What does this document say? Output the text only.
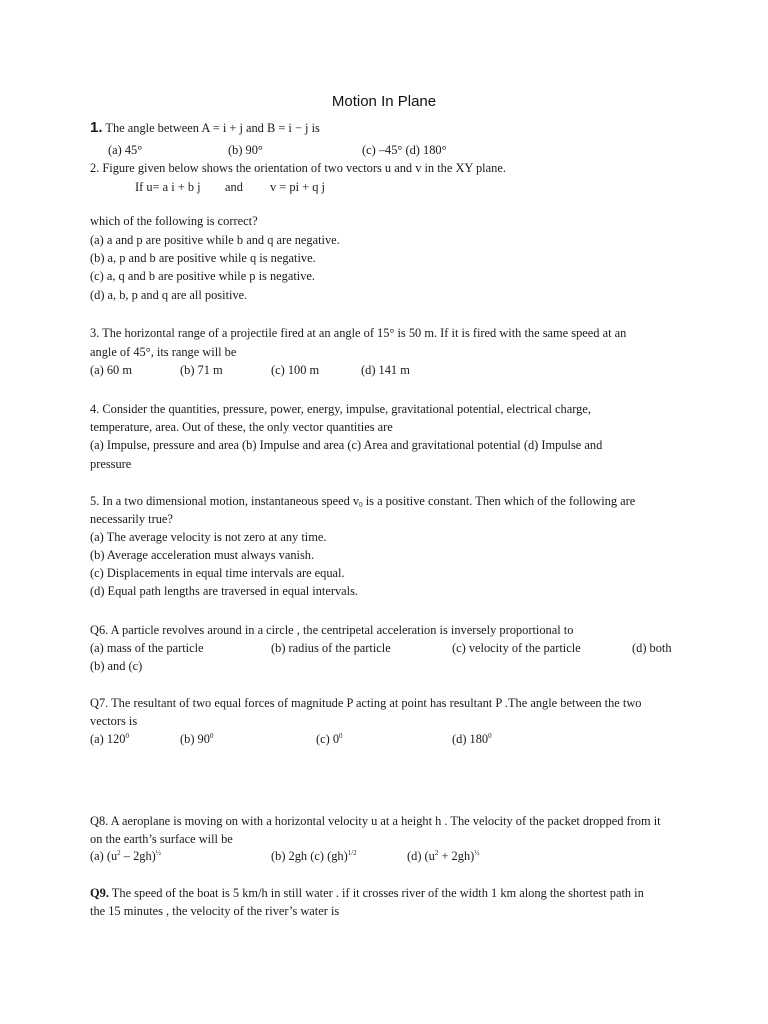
Motion In Plane
1. The angle between A = i + j and B = i − j is
(a) 45°	(b) 90°	(c) –45° (d) 180°
2. Figure given below shows the orientation of two vectors u and v in the XY plane.
If u= a i + b j and v = pi + q j
which of the following is correct?
(a) a and p are positive while b and q are negative.
(b) a, p and b are positive while q is negative.
(c) a, q and b are positive while p is negative.
(d) a, b, p and q are all positive.
3. The horizontal range of a projectile fired at an angle of 15° is 50 m. If it is fired with the same speed at an
angle of 45°, its range will be
(a) 60 m	(b) 71 m	(c) 100 m	(d) 141 m
4. Consider the quantities, pressure, power, energy, impulse, gravitational potential, electrical charge,
temperature, area. Out of these, the only vector quantities are
(a) Impulse, pressure and area (b) Impulse and area (c) Area and gravitational potential (d) Impulse and
pressure
5. In a two dimensional motion, instantaneous speed $v_0$ is a positive constant. Then which of the following are
necessarily true?
(a) The average velocity is not zero at any time.
(b) Average acceleration must always vanish.
(c) Displacements in equal time intervals are equal.
(d) Equal path lengths are traversed in equal intervals.
Q6. A particle revolves around in a circle , the centripetal acceleration is inversely proportional to
(a) mass of the particle	(b) radius of the particle	(c) velocity of the particle	(d) both
(b) and (c)
Q7. The resultant of two equal forces of magnitude P acting at point has resultant P .The angle between the two
vectors is
(a) $120^0$	(b) $90^0$	(c) $0^0$	(d) $180^0$
Q8. A aeroplane is moving on with a horizontal velocity u at a height h . The velocity of the packet dropped from it
on the earth’s surface will be
(a) $(u^2 - 2gh)^{\frac{1}{2}}$	(b) 2gh (c) (gh)$^{1/2}$	(d) $(u^2 + 2gh)^{\frac{1}{2}}$
Q9. The speed of the boat is 5 km/h in still water . if it crosses river of the width 1 km along the shortest path in
the 15 minutes , the velocity of the river’s water is
